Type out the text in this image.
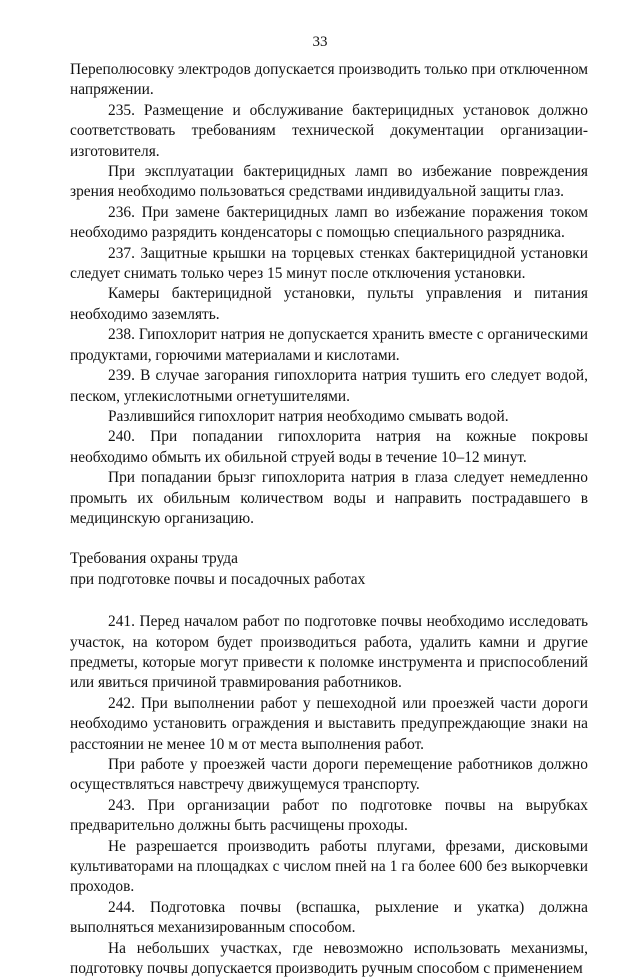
33

Переполюсовку электродов допускается производить только при отключенном напряжении.

235. Размещение и обслуживание бактерицидных установок должно соответствовать требованиям технической документации организации-изготовителя.

При эксплуатации бактерицидных ламп во избежание повреждения зрения необходимо пользоваться средствами индивидуальной защиты глаз.

236. При замене бактерицидных ламп во избежание поражения током необходимо разрядить конденсаторы с помощью специального разрядника.

237. Защитные крышки на торцевых стенках бактерицидной установки следует снимать только через 15 минут после отключения установки.

Камеры бактерицидной установки, пульты управления и питания необходимо заземлять.

238. Гипохлорит натрия не допускается хранить вместе с органическими продуктами, горючими материалами и кислотами.

239. В случае загорания гипохлорита натрия тушить его следует водой, песком, углекислотными огнетушителями.

Разлившийся гипохлорит натрия необходимо смывать водой.

240. При попадании гипохлорита натрия на кожные покровы необходимо обмыть их обильной струей воды в течение 10–12 минут.

При попадании брызг гипохлорита натрия в глаза следует немедленно промыть их обильным количеством воды и направить пострадавшего в медицинскую организацию.

Требования охраны труда

при подготовке почвы и посадочных работах

241. Перед началом работ по подготовке почвы необходимо исследовать участок, на котором будет производиться работа, удалить камни и другие предметы, которые могут привести к поломке инструмента и приспособлений или явиться причиной травмирования работников.

242. При выполнении работ у пешеходной или проезжей части дороги необходимо установить ограждения и выставить предупреждающие знаки на расстоянии не менее 10 м от места выполнения работ.

При работе у проезжей части дороги перемещение работников должно осуществляться навстречу движущемуся транспорту.

243. При организации работ по подготовке почвы на вырубках предварительно должны быть расчищены проходы.

Не разрешается производить работы плугами, фрезами, дисковыми культиваторами на площадках с числом пней на 1 га более 600 без выкорчевки проходов.

244. Подготовка почвы (вспашка, рыхление и укатка) должна выполняться механизированным способом.

На небольших участках, где невозможно использовать механизмы, подготовку почвы допускается производить ручным способом с применением
